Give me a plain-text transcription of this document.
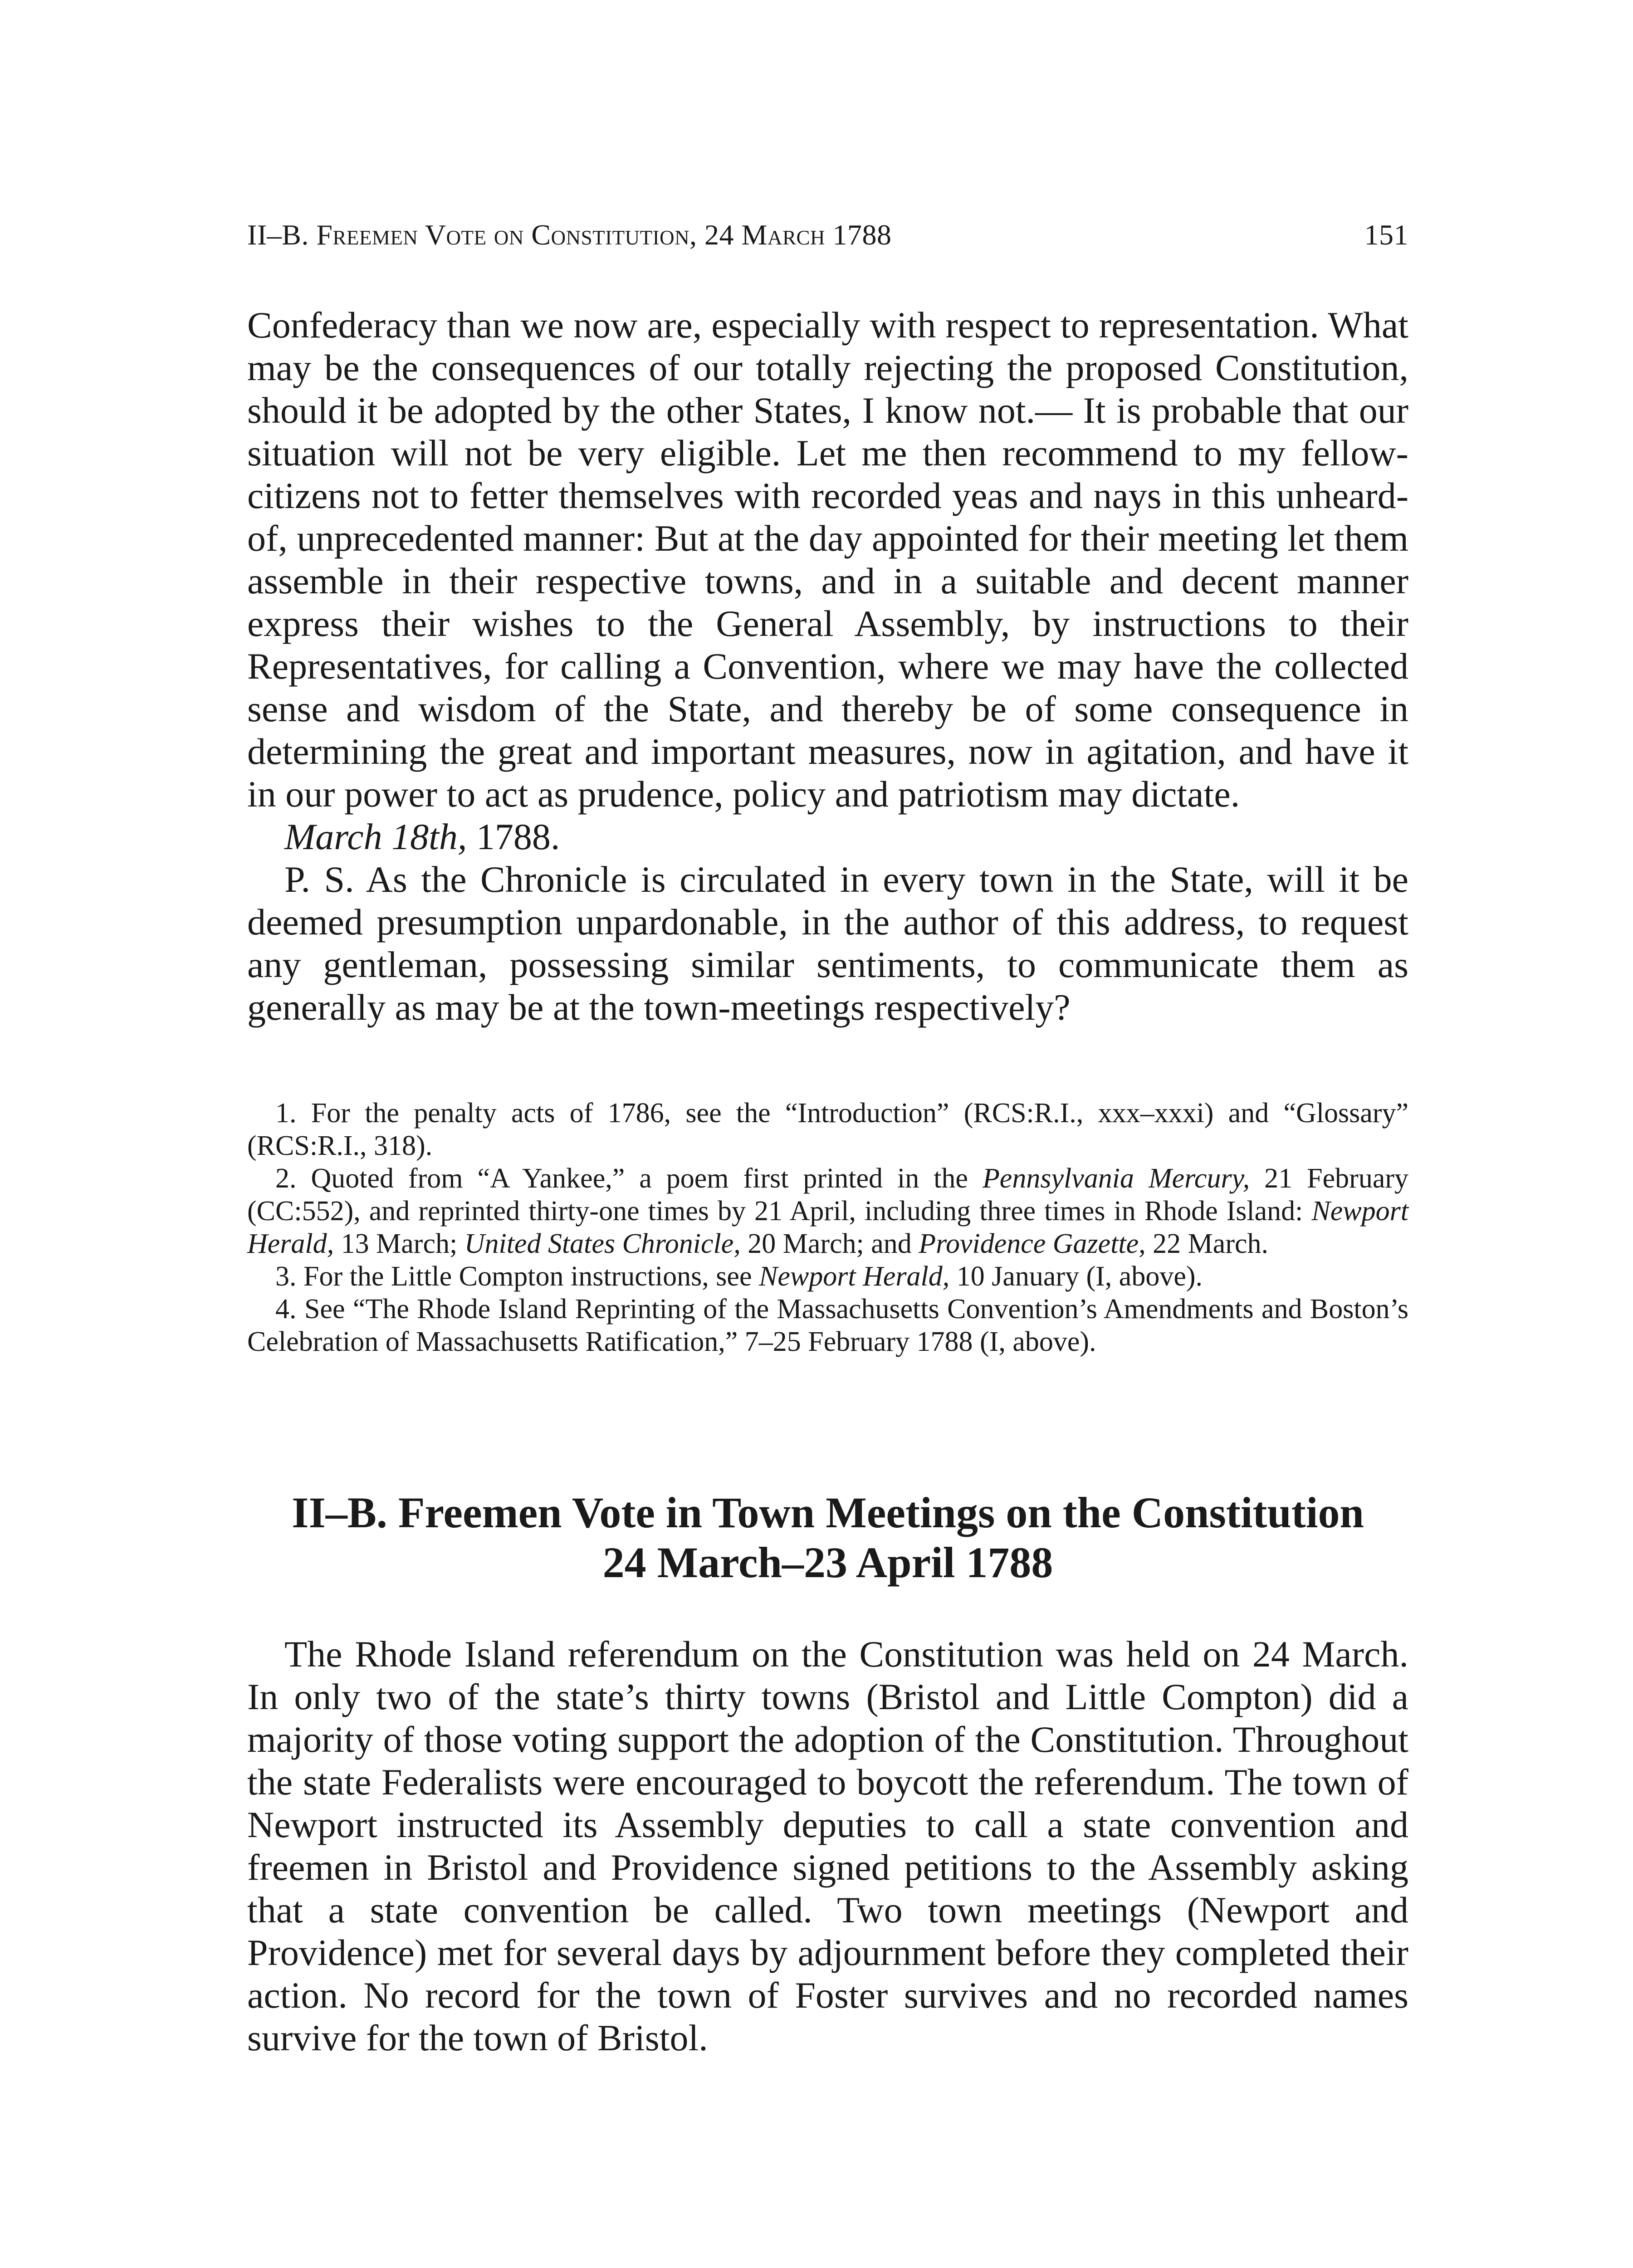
II–B. Freemen Vote on Constitution, 24 March 1788	151

Confederacy than we now are, especially with respect to representation. What may be the consequences of our totally rejecting the proposed Constitution, should it be adopted by the other States, I know not.— It is probable that our situation will not be very eligible. Let me then recommend to my fellow-citizens not to fetter themselves with recorded yeas and nays in this unheard-of, unprecedented manner: But at the day appointed for their meeting let them assemble in their respective towns, and in a suitable and decent manner express their wishes to the General Assembly, by instructions to their Representatives, for calling a Convention, where we may have the collected sense and wisdom of the State, and thereby be of some consequence in determining the great and important measures, now in agitation, and have it in our power to act as prudence, policy and patriotism may dictate.

March 18th, 1788.

P. S. As the Chronicle is circulated in every town in the State, will it be deemed presumption unpardonable, in the author of this address, to request any gentleman, possessing similar sentiments, to communicate them as generally as may be at the town-meetings respectively?

1. For the penalty acts of 1786, see the “Introduction” (RCS:R.I., xxx–xxxi) and “Glossary” (RCS:R.I., 318).

2. Quoted from “A Yankee,” a poem first printed in the Pennsylvania Mercury, 21 February (CC:552), and reprinted thirty-one times by 21 April, including three times in Rhode Island: Newport Herald, 13 March; United States Chronicle, 20 March; and Providence Gazette, 22 March.

3. For the Little Compton instructions, see Newport Herald, 10 January (I, above).

4. See “The Rhode Island Reprinting of the Massachusetts Convention’s Amendments and Boston’s Celebration of Massachusetts Ratification,” 7–25 February 1788 (I, above).

II–B. Freemen Vote in Town Meetings on the Constitution
24 March–23 April 1788

The Rhode Island referendum on the Constitution was held on 24 March. In only two of the state’s thirty towns (Bristol and Little Compton) did a majority of those voting support the adoption of the Constitution. Throughout the state Federalists were encouraged to boycott the referendum. The town of Newport instructed its Assembly deputies to call a state convention and freemen in Bristol and Providence signed petitions to the Assembly asking that a state convention be called. Two town meetings (Newport and Providence) met for several days by adjournment before they completed their action. No record for the town of Foster survives and no recorded names survive for the town of Bristol.
